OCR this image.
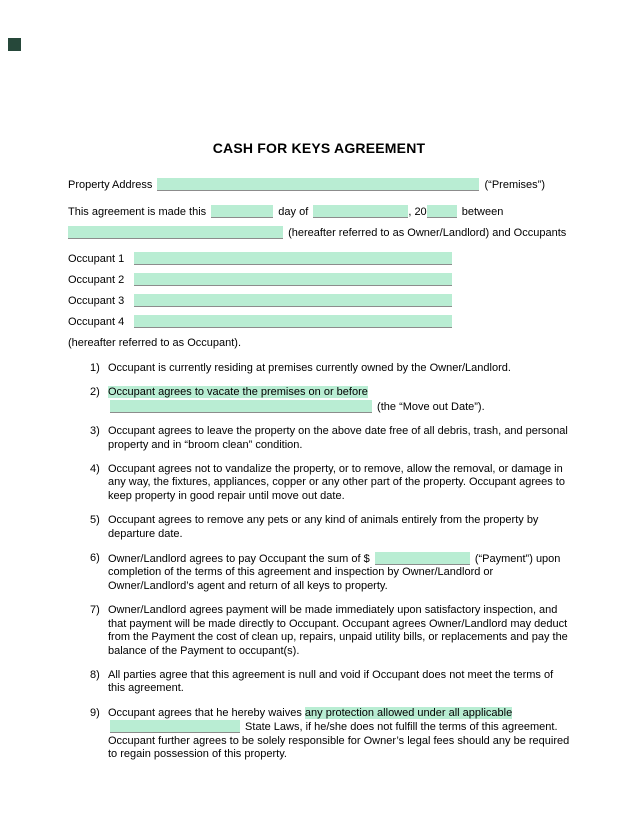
CASH FOR KEYS AGREEMENT
Property Address	(“Premises”)
This agreement is made this	day of	, 20	between
(hereafter referred to as Owner/Landlord) and Occupants
Occupant 1
Occupant 2
Occupant 3
Occupant 4
(hereafter referred to as Occupant).
1) Occupant is currently residing at premises currently owned by the Owner/Landlord.
2) Occupant agrees to vacate the premises on or before
(the “Move out Date”).
3) Occupant agrees to leave the property on the above date free of all debris, trash, and personal property and in “broom clean” condition.
4) Occupant agrees not to vandalize the property, or to remove, allow the removal, or damage in any way, the fixtures, appliances, copper or any other part of the property. Occupant agrees to keep property in good repair until move out date.
5) Occupant agrees to remove any pets or any kind of animals entirely from the property by departure date.
6) Owner/Landlord agrees to pay Occupant the sum of $	(“Payment”) upon completion of the terms of this agreement and inspection by Owner/Landlord or Owner/Landlord’s agent and return of all keys to property.
7) Owner/Landlord agrees payment will be made immediately upon satisfactory inspection, and that payment will be made directly to Occupant. Occupant agrees Owner/Landlord may deduct from the Payment the cost of clean up, repairs, unpaid utility bills, or replacements and pay the balance of the Payment to occupant(s).
8) All parties agree that this agreement is null and void if Occupant does not meet the terms of this agreement.
9) Occupant agrees that he hereby waives any protection allowed under all applicable
State Laws, if he/she does not fulfill the terms of this agreement.
Occupant further agrees to be solely responsible for Owner’s legal fees should any be required to regain possession of this property.
